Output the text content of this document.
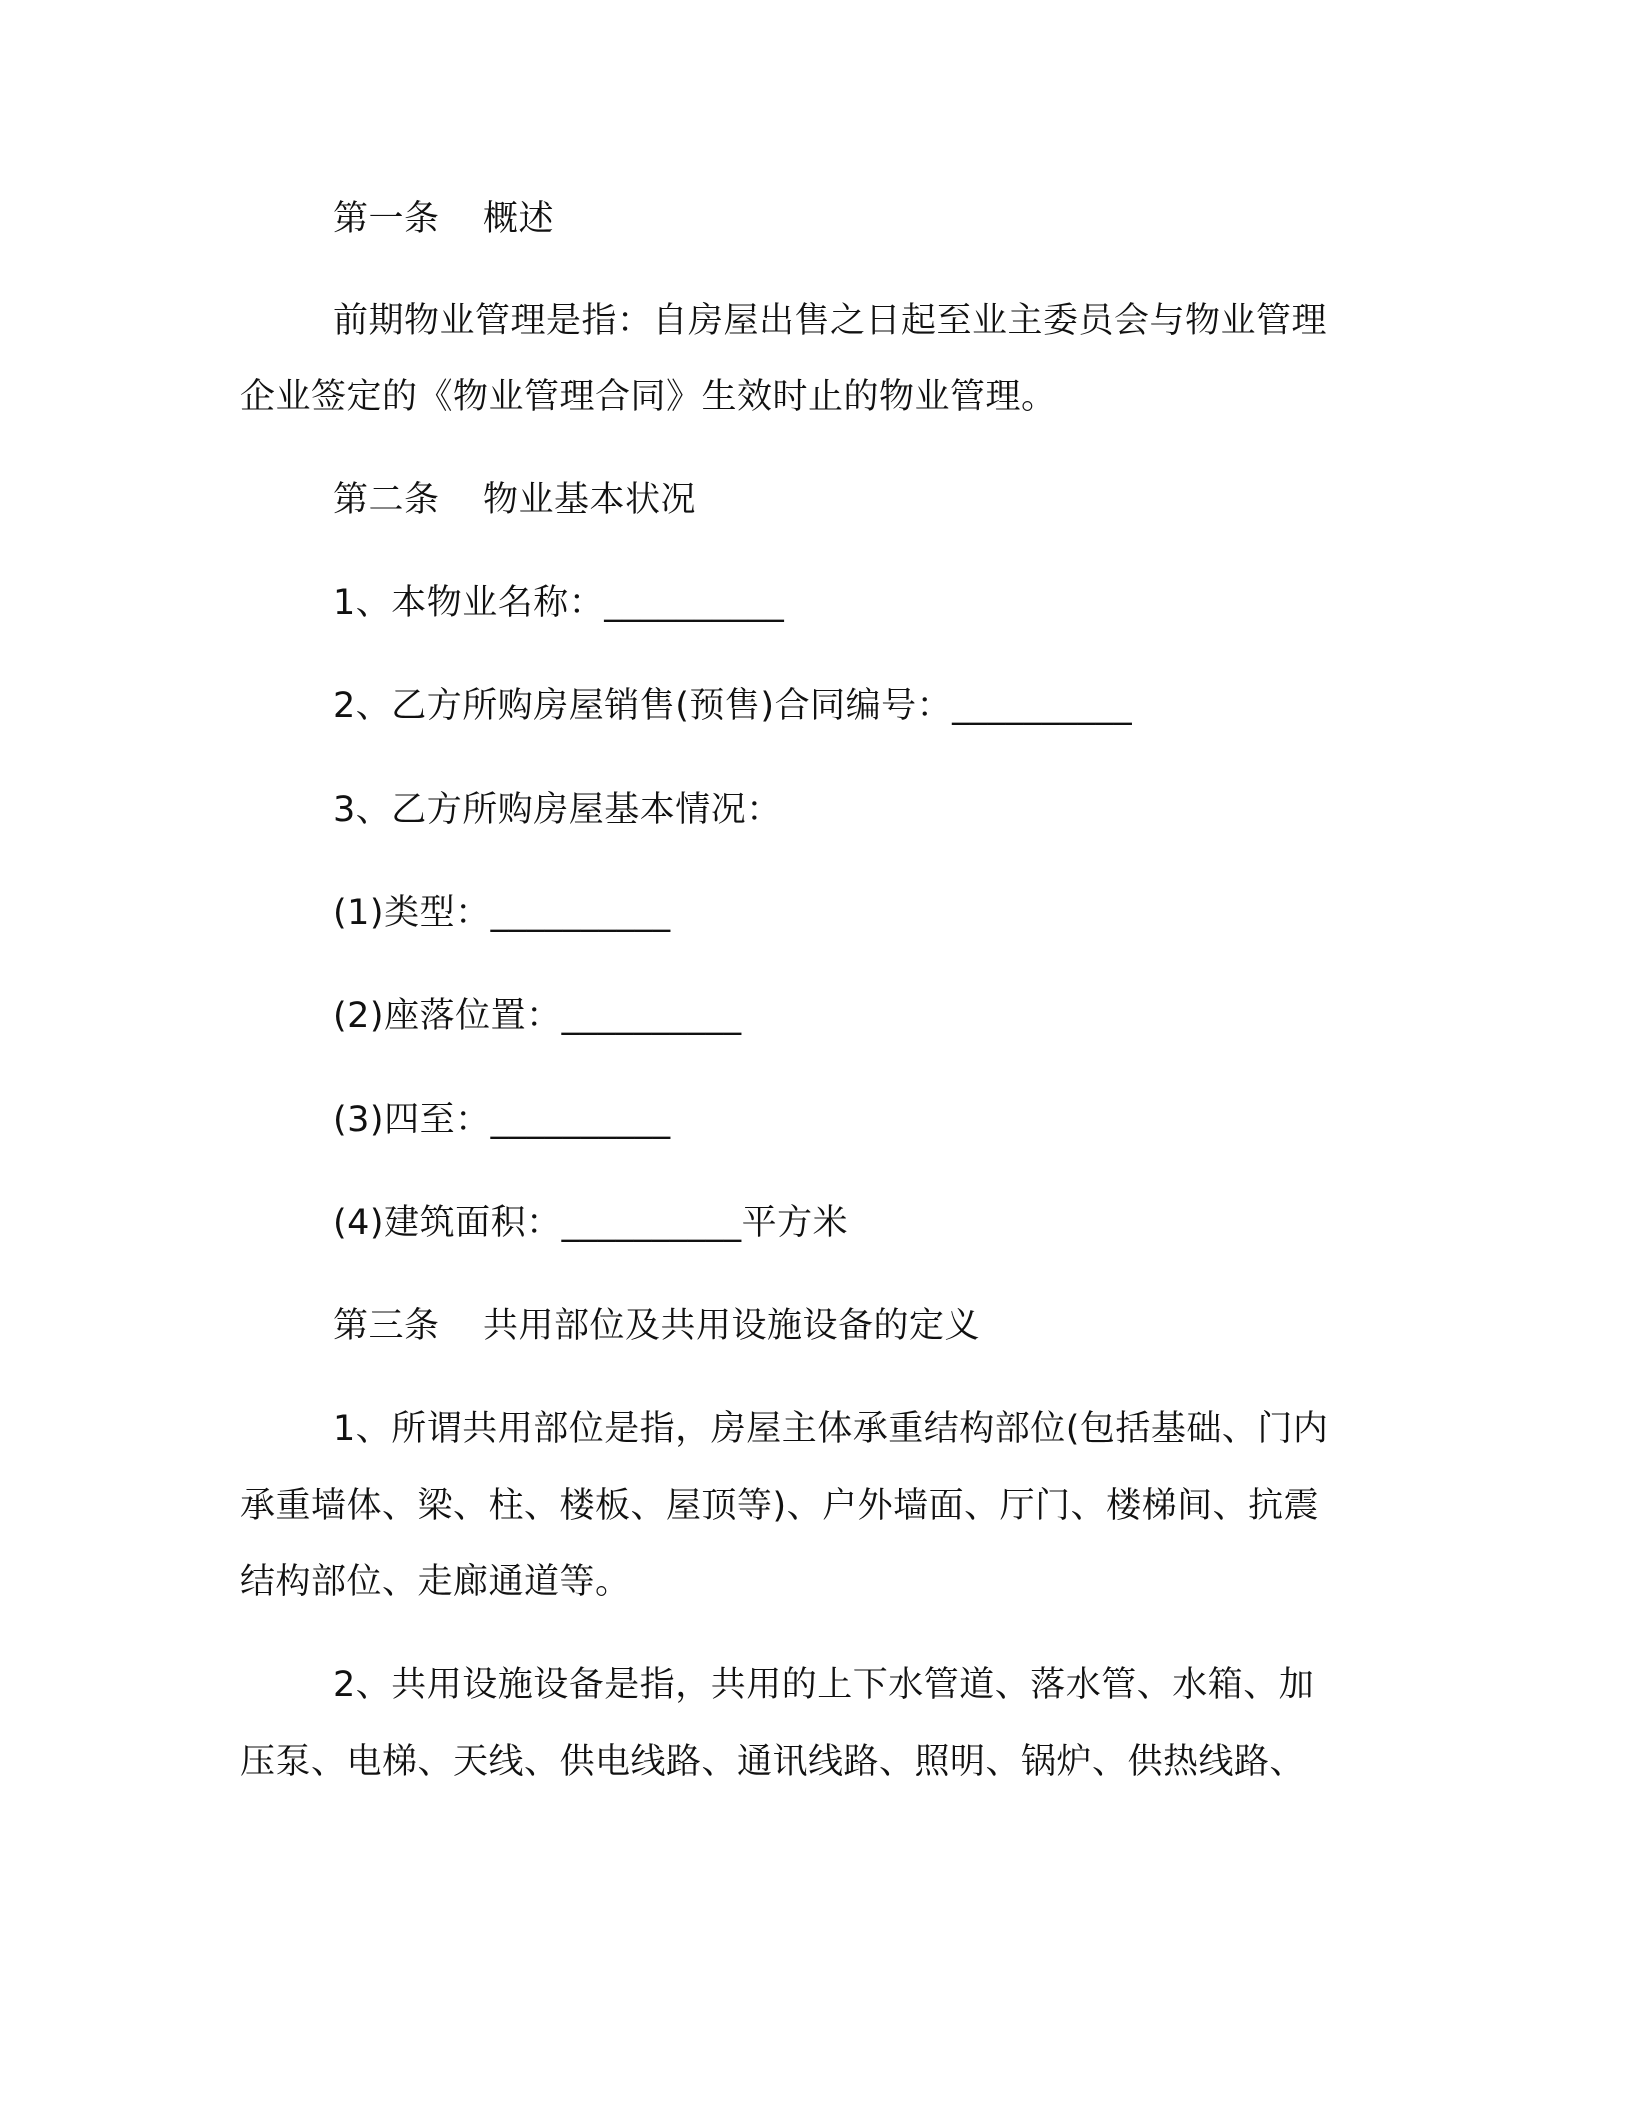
第一条 概述
前期物业管理是指：自房屋出售之日起至业主委员会与物业管理
企业签定的《物业管理合同》生效时止的物业管理。
第二条 物业基本状况
1、本物业名称：__________
2、乙方所购房屋销售(预售)合同编号：__________
3、乙方所购房屋基本情况：
(1)类型：__________
(2)座落位置：__________
(3)四至：__________
(4)建筑面积：__________平方米
第三条 共用部位及共用设施设备的定义
1、所谓共用部位是指，房屋主体承重结构部位(包括基础、门内
承重墙体、梁、柱、楼板、屋顶等)、户外墙面、厅门、楼梯间、抗震
结构部位、走廊通道等。
2、共用设施设备是指，共用的上下水管道、落水管、水箱、加
压泵、电梯、天线、供电线路、通讯线路、照明、锅炉、供热线路、
